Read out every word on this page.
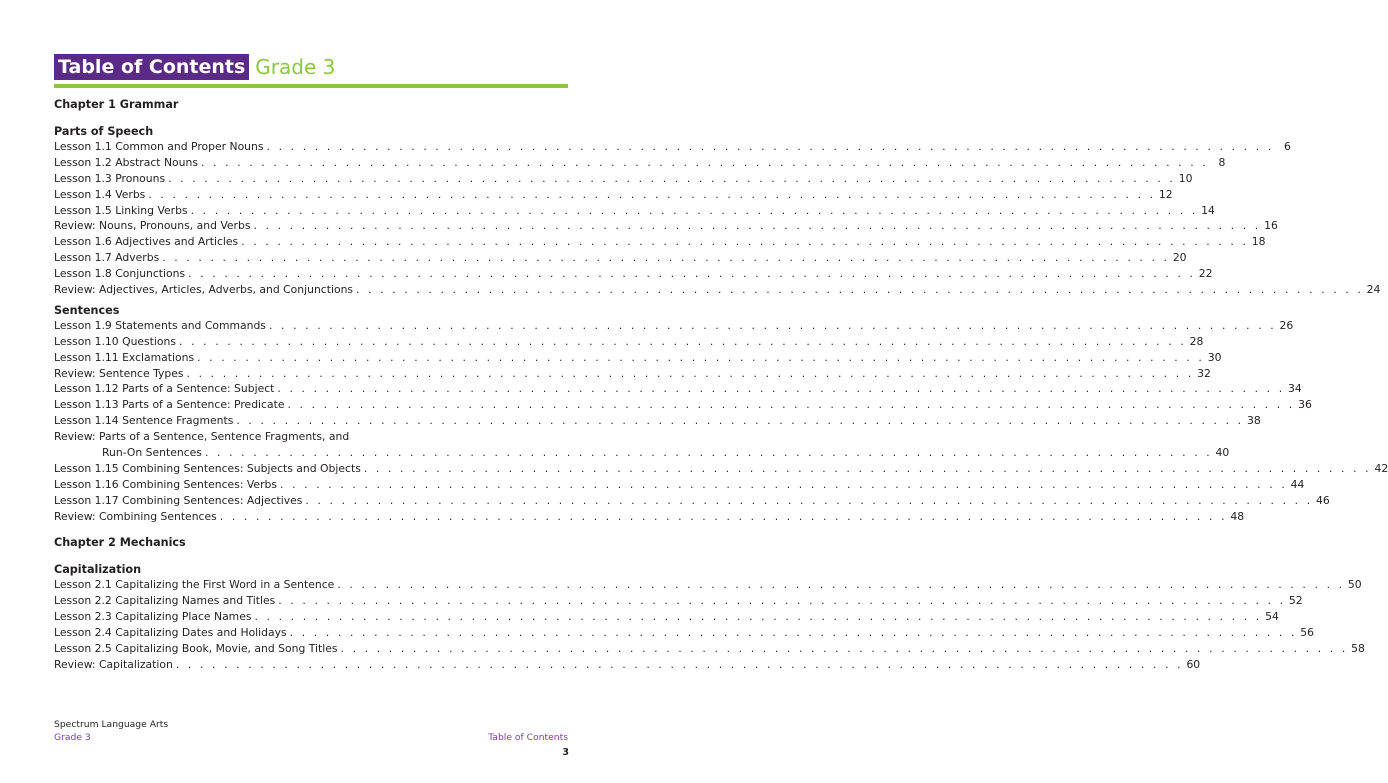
Table of Contents Grade 3

Chapter 1 Grammar

Parts of Speech

Lesson 1.1 Common and Proper Nouns . . . . . . . . . . . . . . . . . . . . . . . . . . . . . . . . . . . . . . . . . . . . . . . . . . . . . . . . . . . . . . . . . . . . . . . . . . . . . . . . . . . . 6
Lesson 1.2 Abstract Nouns . . . . . . . . . . . . . . . . . . . . . . . . . . . . . . . . . . . . . . . . . . . . . . . . . . . . . . . . . . . . . . . . . . . . . . . . . . . . . . . . . . . . 8
Lesson 1.3 Pronouns . . . . . . . . . . . . . . . . . . . . . . . . . . . . . . . . . . . . . . . . . . . . . . . . . . . . . . . . . . . . . . . . . . . . . . . . . . . . . . . . . . . . 10
Lesson 1.4 Verbs . . . . . . . . . . . . . . . . . . . . . . . . . . . . . . . . . . . . . . . . . . . . . . . . . . . . . . . . . . . . . . . . . . . . . . . . . . . . . . . . . . . . 12
Lesson 1.5 Linking Verbs . . . . . . . . . . . . . . . . . . . . . . . . . . . . . . . . . . . . . . . . . . . . . . . . . . . . . . . . . . . . . . . . . . . . . . . . . . . . . . . . . . . . 14
Review: Nouns, Pronouns, and Verbs . . . . . . . . . . . . . . . . . . . . . . . . . . . . . . . . . . . . . . . . . . . . . . . . . . . . . . . . . . . . . . . . . . . . . . . . . . . . . . . . . . . . 16
Lesson 1.6 Adjectives and Articles . . . . . . . . . . . . . . . . . . . . . . . . . . . . . . . . . . . . . . . . . . . . . . . . . . . . . . . . . . . . . . . . . . . . . . . . . . . . . . . . . . . . 18
Lesson 1.7 Adverbs . . . . . . . . . . . . . . . . . . . . . . . . . . . . . . . . . . . . . . . . . . . . . . . . . . . . . . . . . . . . . . . . . . . . . . . . . . . . . . . . . . . . 20
Lesson 1.8 Conjunctions . . . . . . . . . . . . . . . . . . . . . . . . . . . . . . . . . . . . . . . . . . . . . . . . . . . . . . . . . . . . . . . . . . . . . . . . . . . . . . . . . . . . 22
Review: Adjectives, Articles, Adverbs, and Conjunctions . . . . . . . . . . . . . . . . . . . . . . . . . . . . . . . . . . . . . . . . . . . . . . . . . . . . . . . . . . . . . . . . . . . . . . . . . . . . . . . . . . . . 24

Sentences

Lesson 1.9 Statements and Commands . . . . . . . . . . . . . . . . . . . . . . . . . . . . . . . . . . . . . . . . . . . . . . . . . . . . . . . . . . . . . . . . . . . . . . . . . . . . . . . . . . . . 26
Lesson 1.10 Questions . . . . . . . . . . . . . . . . . . . . . . . . . . . . . . . . . . . . . . . . . . . . . . . . . . . . . . . . . . . . . . . . . . . . . . . . . . . . . . . . . . . . 28
Lesson 1.11 Exclamations . . . . . . . . . . . . . . . . . . . . . . . . . . . . . . . . . . . . . . . . . . . . . . . . . . . . . . . . . . . . . . . . . . . . . . . . . . . . . . . . . . . . 30
Review: Sentence Types . . . . . . . . . . . . . . . . . . . . . . . . . . . . . . . . . . . . . . . . . . . . . . . . . . . . . . . . . . . . . . . . . . . . . . . . . . . . . . . . . . . . 32
Lesson 1.12 Parts of a Sentence: Subject . . . . . . . . . . . . . . . . . . . . . . . . . . . . . . . . . . . . . . . . . . . . . . . . . . . . . . . . . . . . . . . . . . . . . . . . . . . . . . . . . . . . 34
Lesson 1.13 Parts of a Sentence: Predicate . . . . . . . . . . . . . . . . . . . . . . . . . . . . . . . . . . . . . . . . . . . . . . . . . . . . . . . . . . . . . . . . . . . . . . . . . . . . . . . . . . . . 36
Lesson 1.14 Sentence Fragments . . . . . . . . . . . . . . . . . . . . . . . . . . . . . . . . . . . . . . . . . . . . . . . . . . . . . . . . . . . . . . . . . . . . . . . . . . . . . . . . . . . . 38
Review: Parts of a Sentence, Sentence Fragments, and
Run-On Sentences . . . . . . . . . . . . . . . . . . . . . . . . . . . . . . . . . . . . . . . . . . . . . . . . . . . . . . . . . . . . . . . . . . . . . . . . . . . . . . . . . . . . 40
Lesson 1.15 Combining Sentences: Subjects and Objects . . . . . . . . . . . . . . . . . . . . . . . . . . . . . . . . . . . . . . . . . . . . . . . . . . . . . . . . . . . . . . . . . . . . . . . . . . . . . . . . . . . . 42
Lesson 1.16 Combining Sentences: Verbs . . . . . . . . . . . . . . . . . . . . . . . . . . . . . . . . . . . . . . . . . . . . . . . . . . . . . . . . . . . . . . . . . . . . . . . . . . . . . . . . . . . . 44
Lesson 1.17 Combining Sentences: Adjectives . . . . . . . . . . . . . . . . . . . . . . . . . . . . . . . . . . . . . . . . . . . . . . . . . . . . . . . . . . . . . . . . . . . . . . . . . . . . . . . . . . . . 46
Review: Combining Sentences . . . . . . . . . . . . . . . . . . . . . . . . . . . . . . . . . . . . . . . . . . . . . . . . . . . . . . . . . . . . . . . . . . . . . . . . . . . . . . . . . . . . 48

Chapter 2 Mechanics

Capitalization

Lesson 2.1 Capitalizing the First Word in a Sentence . . . . . . . . . . . . . . . . . . . . . . . . . . . . . . . . . . . . . . . . . . . . . . . . . . . . . . . . . . . . . . . . . . . . . . . . . . . . . . . . . . . . 50
Lesson 2.2 Capitalizing Names and Titles . . . . . . . . . . . . . . . . . . . . . . . . . . . . . . . . . . . . . . . . . . . . . . . . . . . . . . . . . . . . . . . . . . . . . . . . . . . . . . . . . . . . 52
Lesson 2.3 Capitalizing Place Names . . . . . . . . . . . . . . . . . . . . . . . . . . . . . . . . . . . . . . . . . . . . . . . . . . . . . . . . . . . . . . . . . . . . . . . . . . . . . . . . . . . . 54
Lesson 2.4 Capitalizing Dates and Holidays . . . . . . . . . . . . . . . . . . . . . . . . . . . . . . . . . . . . . . . . . . . . . . . . . . . . . . . . . . . . . . . . . . . . . . . . . . . . . . . . . . . . 56
Lesson 2.5 Capitalizing Book, Movie, and Song Titles . . . . . . . . . . . . . . . . . . . . . . . . . . . . . . . . . . . . . . . . . . . . . . . . . . . . . . . . . . . . . . . . . . . . . . . . . . . . . . . . . . . . 58
Review: Capitalization . . . . . . . . . . . . . . . . . . . . . . . . . . . . . . . . . . . . . . . . . . . . . . . . . . . . . . . . . . . . . . . . . . . . . . . . . . . . . . . . . . . . 60
Spectrum Language Arts
Grade 3	Table of Contents
3
